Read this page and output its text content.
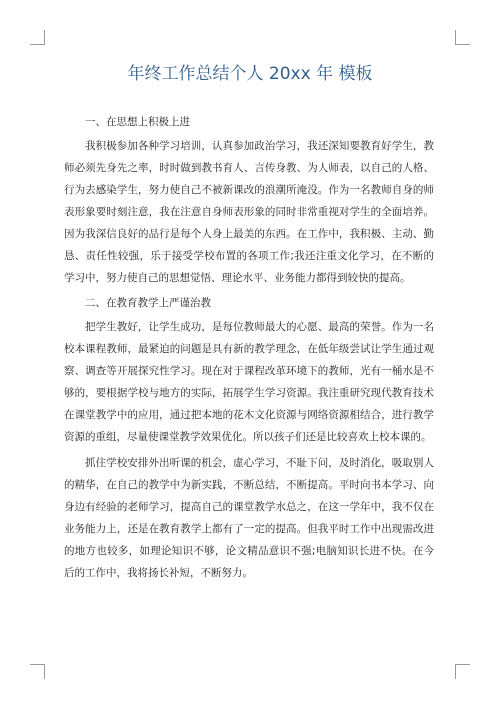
年终工作总结个人 20xx 年 模板
一、在思想上积极上进

我积极参加各种学习培训，认真参加政治学习，我还深知要教育好学生，教师必须先身先之率，时时做到教书育人、言传身教、为人师表，以自己的人格、行为去感染学生，努力使自己不被新课改的浪潮所淹没。作为一名教师自身的师表形象要时刻注意，我在注意自身师表形象的同时非常重视对学生的全面培养。因为我深信良好的品行是每个人身上最美的东西。在工作中，我积极、主动、勤恳、责任性较强，乐于接受学校布置的各项工作;我还注重文化学习，在不断的学习中，努力使自己的思想觉悟、理论水平、业务能力都得到较快的提高。

二、在教育教学上严谨治教

把学生教好，让学生成功，是每位教师最大的心愿、最高的荣誉。作为一名校本课程教师，最紧迫的问题是具有新的教学理念，在低年级尝试让学生通过观察、调查等开展探究性学习。现在对于课程改革环境下的教师，光有一桶水是不够的，要根据学校与地方的实际，拓展学生学习资源。我注重研究现代教育技术在课堂教学中的应用，通过把本地的花木文化资源与网络资源相结合，进行教学资源的重组，尽量使课堂教学效果优化。所以孩子们还是比较喜欢上校本课的。

抓住学校安排外出听课的机会，虚心学习，不耻下问，及时消化，吸取别人的精华，在自己的教学中为新实践，不断总结，不断提高。平时向书本学习、向身边有经验的老师学习，提高自己的课堂教学水总之，在这一学年中，我不仅在业务能力上，还是在教育教学上都有了一定的提高。但我平时工作中出现需改进的地方也较多，如理论知识不够，论文精品意识不强;电脑知识长进不快。在今后的工作中，我将扬长补短，不断努力。
